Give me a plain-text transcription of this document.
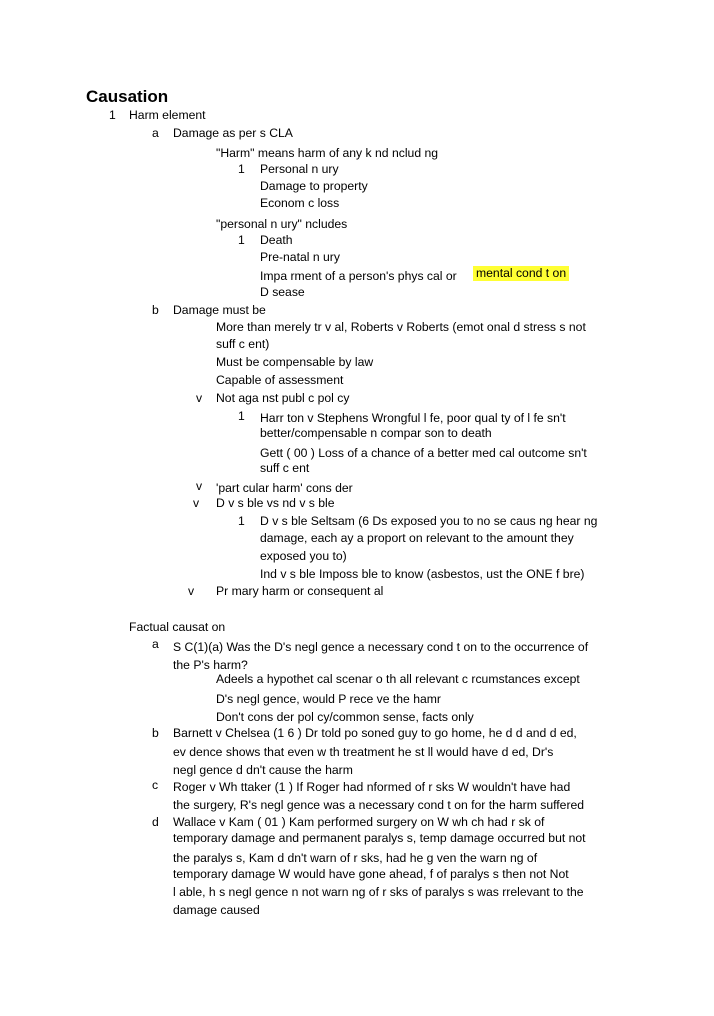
Causation
1 Harm element
a Damage as per s CLA
"Harm" means harm of any k nd nclud ng
1 Personal n ury
Damage to property
Econom c loss
"personal n ury" ncludes
1 Death
Pre-natal n ury
Impa rment of a person's phys cal or mental cond t on
D sease
b Damage must be
More than merely tr v al, Roberts v Roberts (emot onal d stress s not
suff c ent)
Must be compensable by law
Capable of assessment
v Not aga nst publ c pol cy
1 Harr ton v Stephens Wrongful l fe, poor qual ty of l fe sn't
better/compensable n compar son to death
Gett ( 00 ) Loss of a chance of a better med cal outcome sn't
suff c ent
v 'part cular harm' cons der
v D v s ble vs nd v s ble
1 D v s ble Seltsam (6 Ds exposed you to no se caus ng hear ng
damage, each ay a proport on relevant to the amount they
exposed you to)
Ind v s ble Imposs ble to know (asbestos, ust the ONE f bre)
v Pr mary harm or consequent al
Factual causat on
a S C(1)(a) Was the D's negl gence a necessary cond t on to the occurrence of
the P's harm?
Adeels a hypothet cal scenar o th all relevant c rcumstances except
D's negl gence, would P rece ve the hamr
Don't cons der pol cy/common sense, facts only
b Barnett v Chelsea (1 6 ) Dr told po soned guy to go home, he d d and d ed,
ev dence shows that even w th treatment he st ll would have d ed, Dr's
negl gence d dn't cause the harm
c Roger v Wh ttaker (1 ) If Roger had nformed of r sks W wouldn't have had
the surgery, R's negl gence was a necessary cond t on for the harm suffered
d Wallace v Kam ( 01 ) Kam performed surgery on W wh ch had r sk of
temporary damage and permanent paralys s, temp damage occurred but not
the paralys s, Kam d dn't warn of r sks, had he g ven the warn ng of
temporary damage W would have gone ahead, f of paralys s then not Not
l able, h s negl gence n not warn ng of r sks of paralys s was rrelevant to the
damage caused
